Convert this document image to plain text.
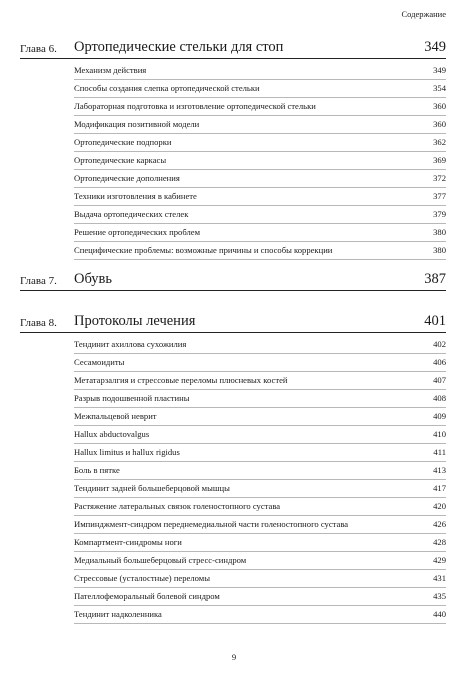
Содержание
Глава 6. Ортопедические стельки для стоп	349
Механизм действия	349
Способы создания слепка ортопедической стельки	354
Лабораторная подготовка и изготовление ортопедической стельки	360
Модификация позитивной модели	360
Ортопедические подпорки	362
Ортопедические каркасы	369
Ортопедические дополнения	372
Техники изготовления в кабинете	377
Выдача ортопедических стелек	379
Решение ортопедических проблем	380
Специфические проблемы: возможные причины и способы коррекции	380
Глава 7. Обувь	387
Глава 8. Протоколы лечения	401
Тендинит ахиллова сухожилия	402
Сесамоидиты	406
Метатарзалгия и стрессовые переломы плюсневых костей	407
Разрыв подошвенной пластины	408
Межпальцевой неврит	409
Hallux abductovalgus	410
Hallux limitus и hallux rigidus	411
Боль в пятке	413
Тендинит задней большеберцовой мышцы	417
Растяжение латеральных связок голеностопного сустава	420
Импинджмент-синдром переднемедиальной части голеностопного сустава	426
Компартмент-синдромы ноги	428
Медиальный большеберцовый стресс-синдром	429
Стрессовые (усталостные) переломы	431
Пателлофеморальный болевой синдром	435
Тендинит надколенника	440
9
